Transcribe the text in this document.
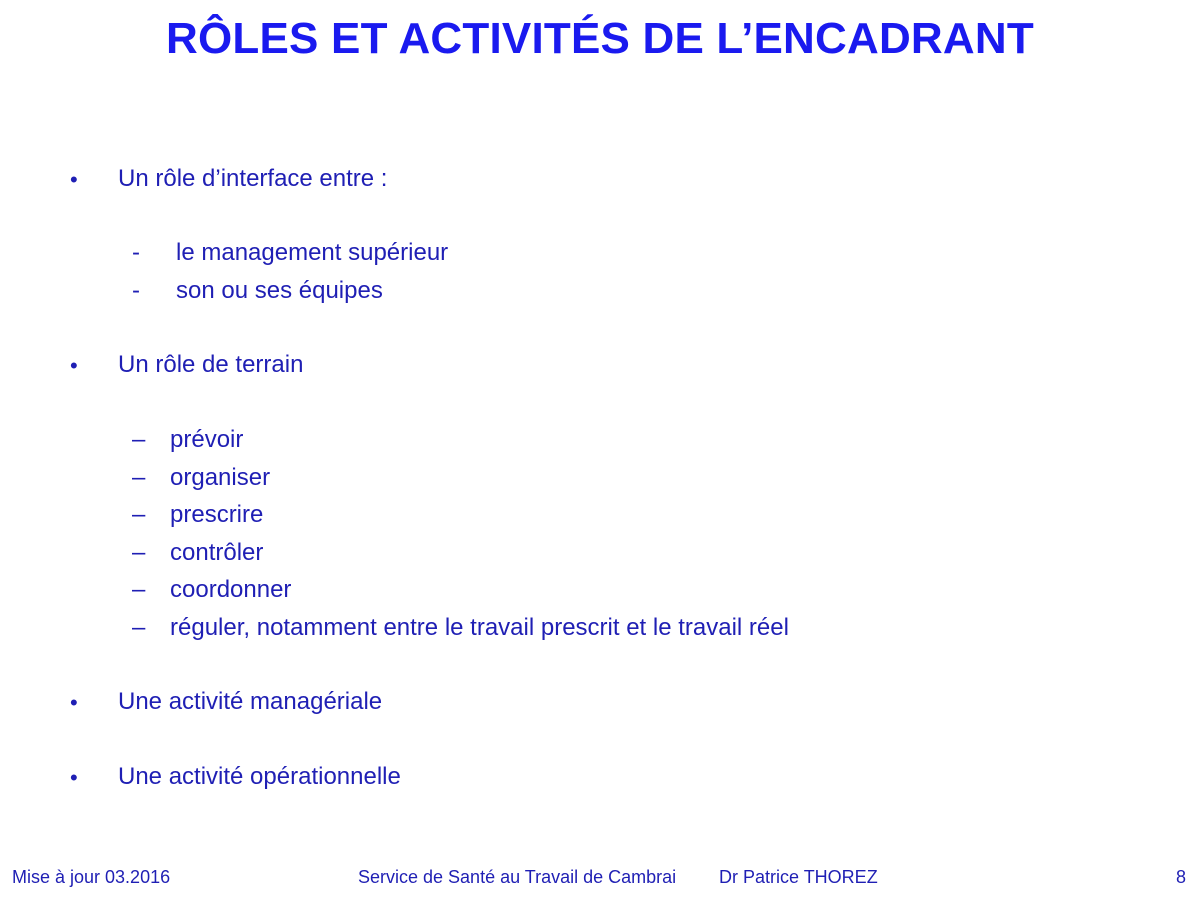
RÔLES ET ACTIVITÉS DE L’ENCADRANT
• Un rôle d’interface entre :
- le management supérieur
- son ou ses équipes
• Un rôle de terrain
– prévoir
– organiser
– prescrire
– contrôler
– coordonner
– réguler, notamment entre le travail prescrit et le travail réel
• Une activité managériale
• Une activité opérationnelle
Mise à jour 03.2016	Service de Santé au Travail de Cambrai Dr Patrice THOREZ	8
